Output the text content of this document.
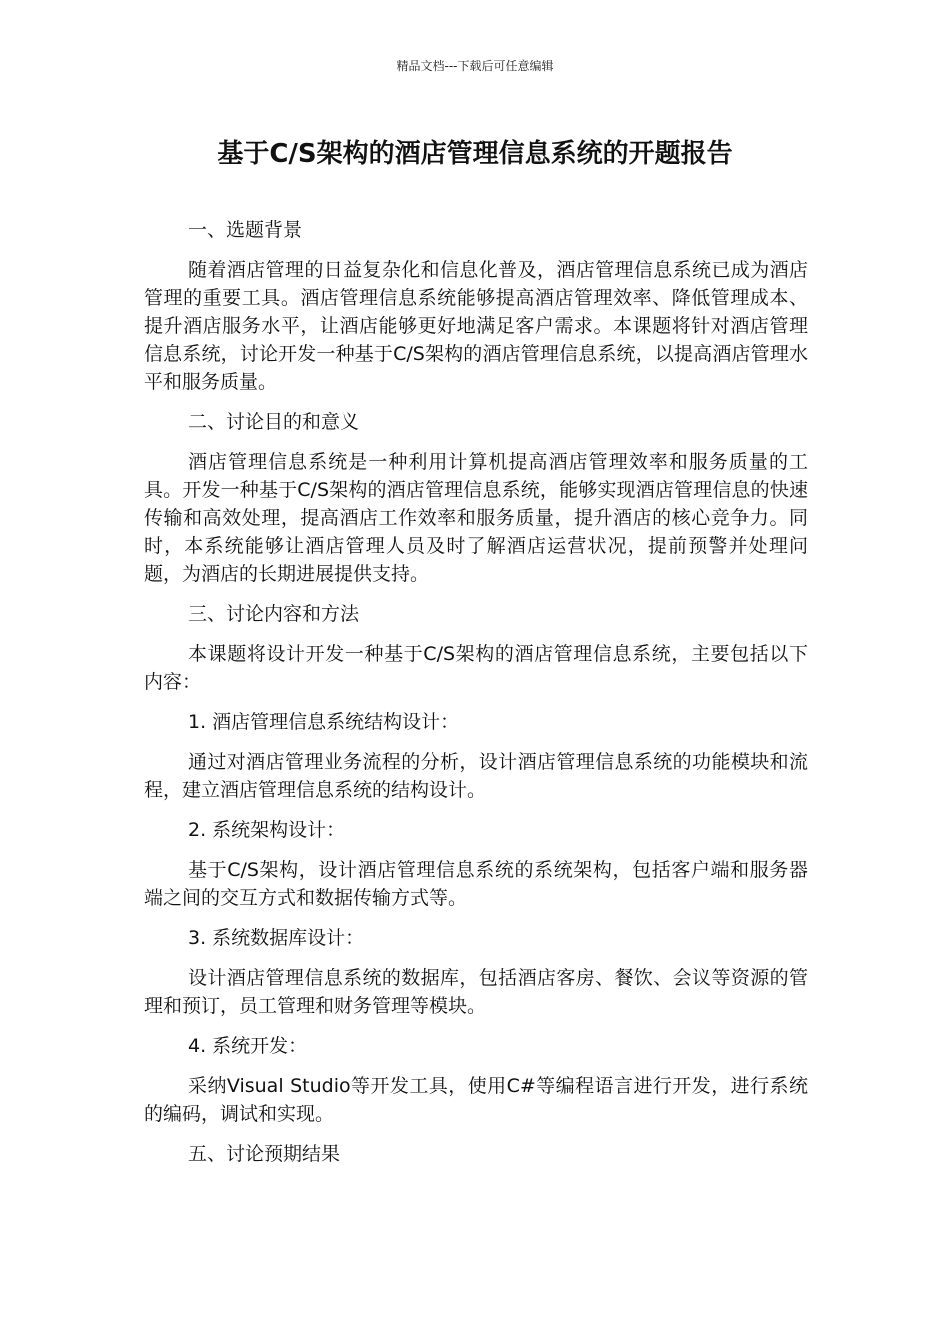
精品文档---下载后可任意编辑
基于C/S架构的酒店管理信息系统的开题报告

一、选题背景

随着酒店管理的日益复杂化和信息化普及，酒店管理信息系统已成为酒店管理的重要工具。酒店管理信息系统能够提高酒店管理效率、降低管理成本、提升酒店服务水平，让酒店能够更好地满足客户需求。本课题将针对酒店管理信息系统，讨论开发一种基于C/S架构的酒店管理信息系统，以提高酒店管理水平和服务质量。

二、讨论目的和意义

酒店管理信息系统是一种利用计算机提高酒店管理效率和服务质量的工具。开发一种基于C/S架构的酒店管理信息系统，能够实现酒店管理信息的快速传输和高效处理，提高酒店工作效率和服务质量，提升酒店的核心竞争力。同时，本系统能够让酒店管理人员及时了解酒店运营状况，提前预警并处理问题，为酒店的长期进展提供支持。

三、讨论内容和方法

本课题将设计开发一种基于C/S架构的酒店管理信息系统，主要包括以下内容：

1. 酒店管理信息系统结构设计：

通过对酒店管理业务流程的分析，设计酒店管理信息系统的功能模块和流程，建立酒店管理信息系统的结构设计。

2. 系统架构设计：

基于C/S架构，设计酒店管理信息系统的系统架构，包括客户端和服务器端之间的交互方式和数据传输方式等。

3. 系统数据库设计：

设计酒店管理信息系统的数据库，包括酒店客房、餐饮、会议等资源的管理和预订，员工管理和财务管理等模块。

4. 系统开发：

采纳Visual Studio等开发工具，使用C#等编程语言进行开发，进行系统的编码，调试和实现。

五、讨论预期结果
